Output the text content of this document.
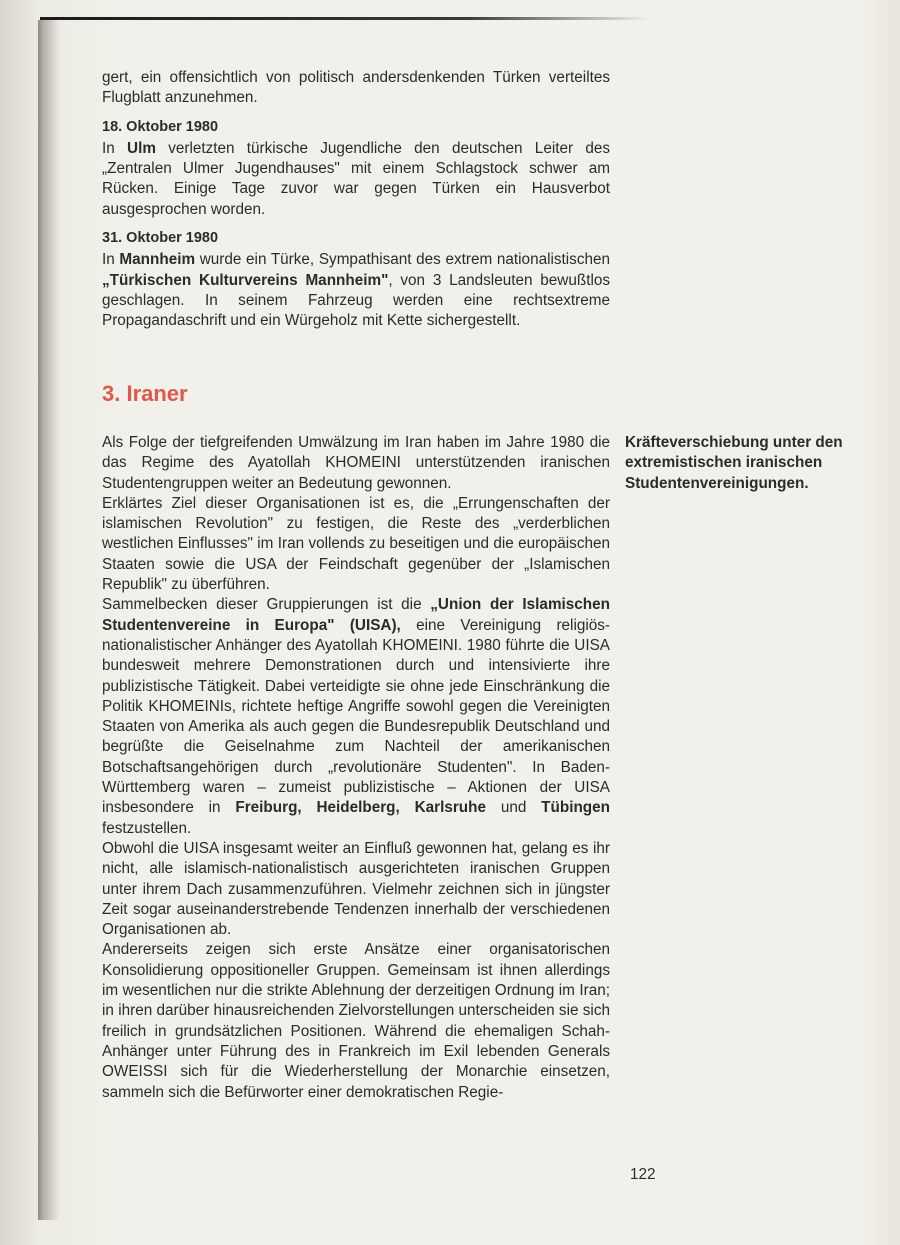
gert, ein offensichtlich von politisch andersdenkenden Türken verteiltes Flugblatt anzunehmen.

18. Oktober 1980

In Ulm verletzten türkische Jugendliche den deutschen Leiter des „Zentralen Ulmer Jugendhauses" mit einem Schlagstock schwer am Rücken. Einige Tage zuvor war gegen Türken ein Hausverbot ausgesprochen worden.

31. Oktober 1980

In Mannheim wurde ein Türke, Sympathisant des extrem nationalistischen „Türkischen Kulturvereins Mannheim", von 3 Landsleuten bewußtlos geschlagen. In seinem Fahrzeug werden eine rechtsextreme Propagandaschrift und ein Würgeholz mit Kette sichergestellt.

3. Iraner

Kräfteverschiebung unter den extremistischen iranischen Studentenvereinigungen.

Als Folge der tiefgreifenden Umwälzung im Iran haben im Jahre 1980 die das Regime des Ayatollah KHOMEINI unterstützenden iranischen Studentengruppen weiter an Bedeutung gewonnen.

Erklärtes Ziel dieser Organisationen ist es, die „Errungenschaften der islamischen Revolution" zu festigen, die Reste des „verderblichen westlichen Einflusses" im Iran vollends zu beseitigen und die europäischen Staaten sowie die USA der Feindschaft gegenüber der „Islamischen Republik" zu überführen.

Sammelbecken dieser Gruppierungen ist die „Union der Islamischen Studentenvereine in Europa" (UISA), eine Vereinigung religiös-nationalistischer Anhänger des Ayatollah KHOMEINI. 1980 führte die UISA bundesweit mehrere Demonstrationen durch und intensivierte ihre publizistische Tätigkeit. Dabei verteidigte sie ohne jede Einschränkung die Politik KHOMEINIs, richtete heftige Angriffe sowohl gegen die Vereinigten Staaten von Amerika als auch gegen die Bundesrepublik Deutschland und begrüßte die Geiselnahme zum Nachteil der amerikanischen Botschaftsangehörigen durch „revolutionäre Studenten". In Baden-Württemberg waren – zumeist publizistische – Aktionen der UISA insbesondere in Freiburg, Heidelberg, Karlsruhe und Tübingen festzustellen.

Obwohl die UISA insgesamt weiter an Einfluß gewonnen hat, gelang es ihr nicht, alle islamisch-nationalistisch ausgerichteten iranischen Gruppen unter ihrem Dach zusammenzuführen. Vielmehr zeichnen sich in jüngster Zeit sogar auseinanderstrebende Tendenzen innerhalb der verschiedenen Organisationen ab.

Andererseits zeigen sich erste Ansätze einer organisatorischen Konsolidierung oppositioneller Gruppen. Gemeinsam ist ihnen allerdings im wesentlichen nur die strikte Ablehnung der derzeitigen Ordnung im Iran; in ihren darüber hinausreichenden Zielvorstellungen unterscheiden sie sich freilich in grundsätzlichen Positionen. Während die ehemaligen Schah-Anhänger unter Führung des in Frankreich im Exil lebenden Generals OWEISSI sich für die Wiederherstellung der Monarchie einsetzen, sammeln sich die Befürworter einer demokratischen Regie-

122
